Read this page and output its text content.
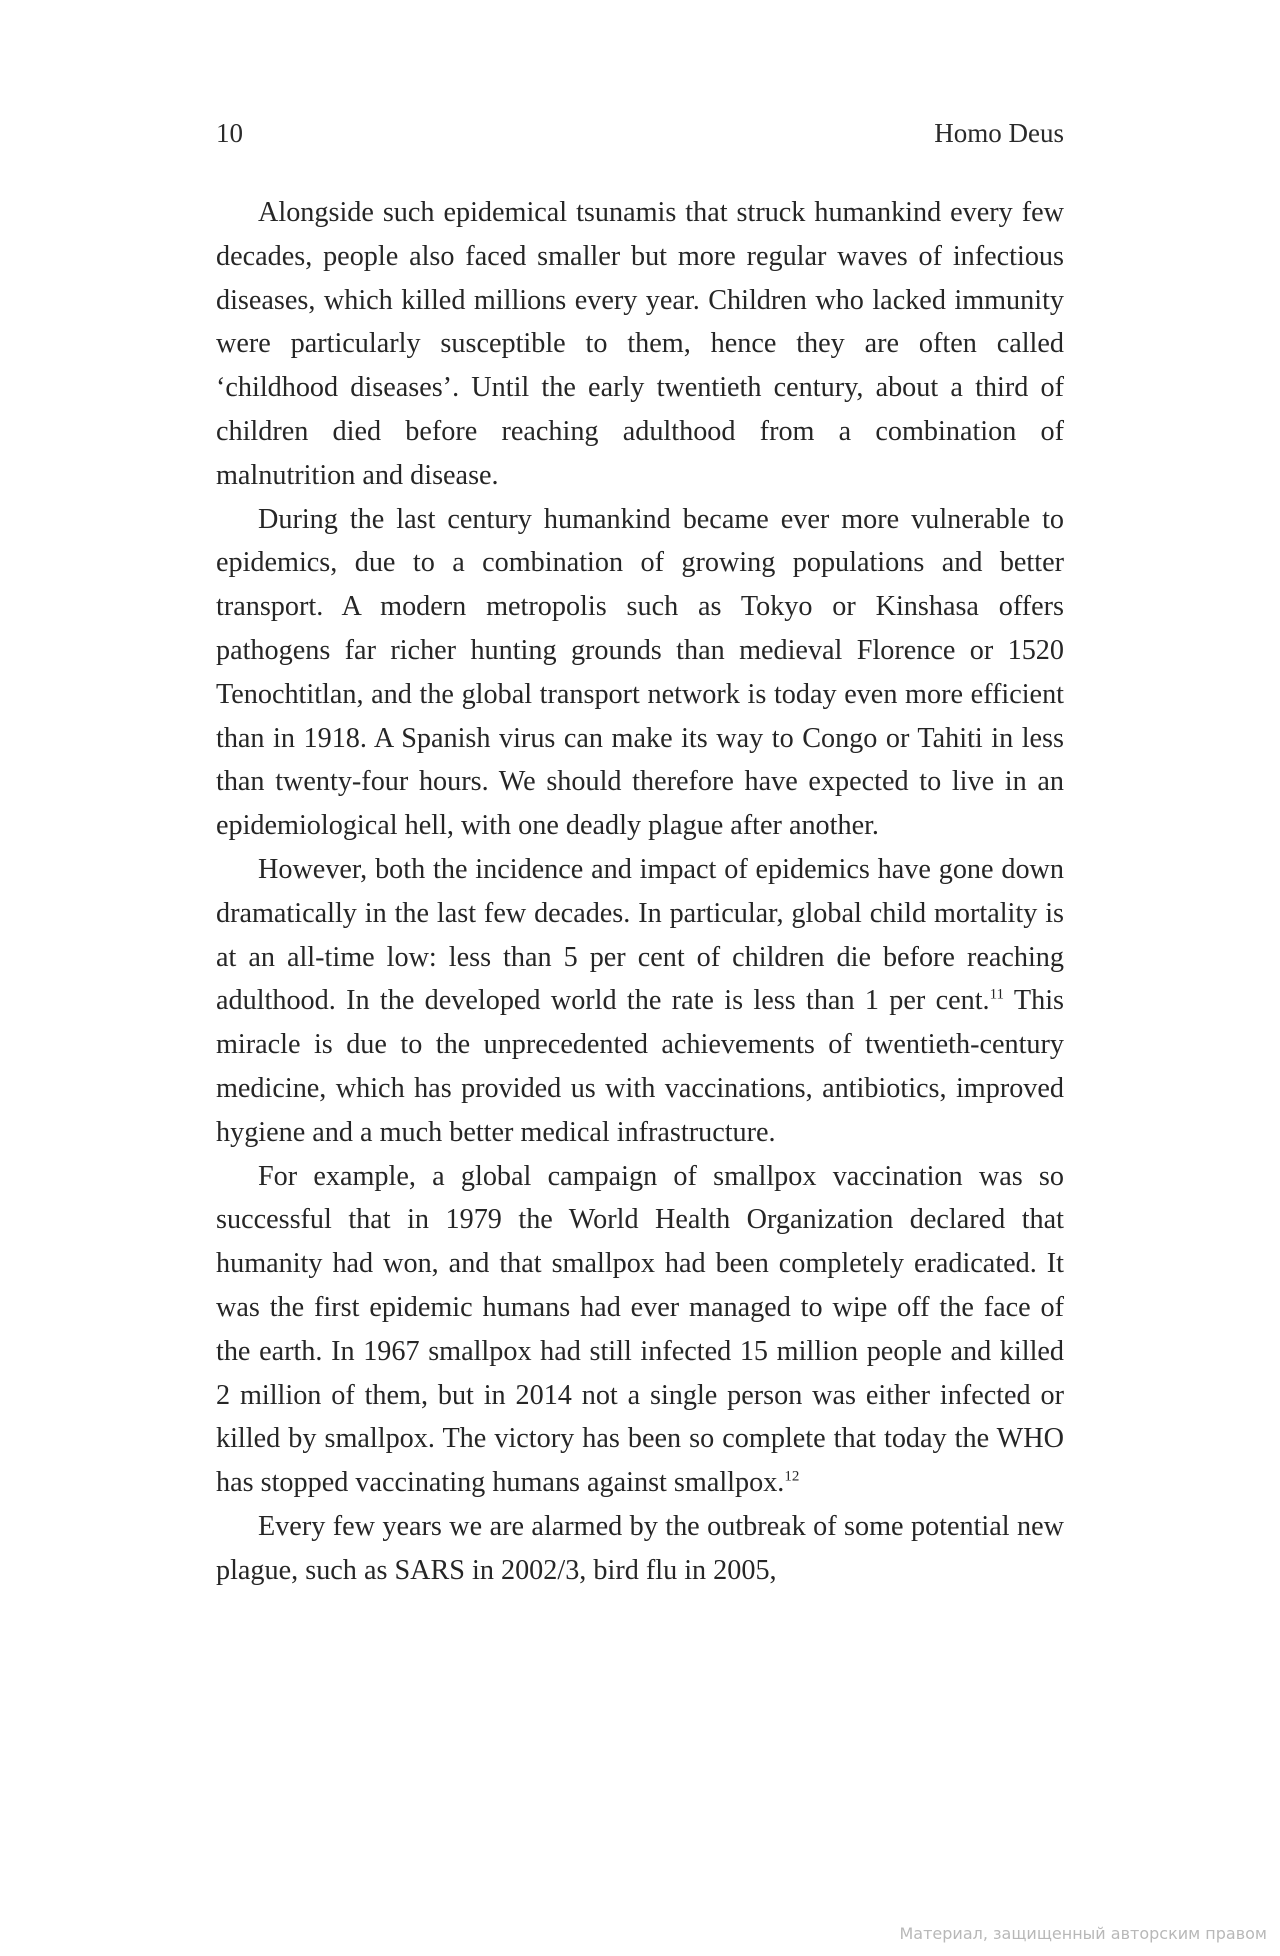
10	Homo Deus

Alongside such epidemical tsunamis that struck humankind every few decades, people also faced smaller but more regular waves of infectious diseases, which killed millions every year. Children who lacked immunity were particularly susceptible to them, hence they are often called ‘childhood diseases’. Until the early twentieth century, about a third of children died before reaching adulthood from a combination of malnutrition and disease.

During the last century humankind became ever more vulnerable to epidemics, due to a combination of growing populations and better transport. A modern metropolis such as Tokyo or Kinshasa offers pathogens far richer hunting grounds than medieval Florence or 1520 Tenochtitlan, and the global transport network is today even more efficient than in 1918. A Spanish virus can make its way to Congo or Tahiti in less than twenty-four hours. We should therefore have expected to live in an epidemiological hell, with one deadly plague after another.

However, both the incidence and impact of epidemics have gone down dramatically in the last few decades. In particular, global child mortality is at an all-time low: less than 5 per cent of children die before reaching adulthood. In the developed world the rate is less than 1 per cent.$^{11}$ This miracle is due to the unprecedented achievements of twentieth-century medicine, which has provided us with vaccinations, antibiotics, improved hygiene and a much better medical infrastructure.

For example, a global campaign of smallpox vaccination was so successful that in 1979 the World Health Organization declared that humanity had won, and that smallpox had been completely eradicated. It was the first epidemic humans had ever managed to wipe off the face of the earth. In 1967 smallpox had still infected 15 million people and killed 2 million of them, but in 2014 not a single person was either infected or killed by smallpox. The victory has been so complete that today the WHO has stopped vaccinating humans against smallpox.$^{12}$

Every few years we are alarmed by the outbreak of some potential new plague, such as SARS in 2002/3, bird flu in 2005,

Материал, защищенный авторским правом
